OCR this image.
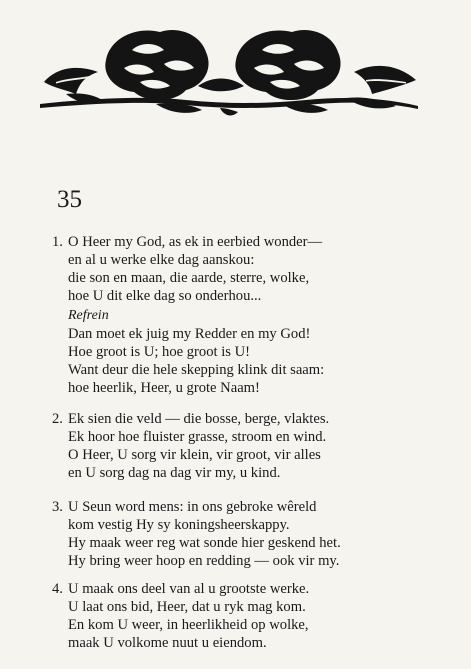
35
1. O Heer my God, as ek in eerbied wonder—
en al u werke elke dag aanskou:
die son en maan, die aarde, sterre, wolke,
hoe U dit elke dag so onderhou...
Refrein
Dan moet ek juig my Redder en my God!
Hoe groot is U; hoe groot is U!
Want deur die hele skepping klink dit saam:
hoe heerlik, Heer, u grote Naam!
2. Ek sien die veld — die bosse, berge, vlaktes.
Ek hoor hoe fluister grasse, stroom en wind.
O Heer, U sorg vir klein, vir groot, vir alles
en U sorg dag na dag vir my, u kind.
3. U Seun word mens: in ons gebroke wêreld
kom vestig Hy sy koningsheerskappy.
Hy maak weer reg wat sonde hier geskend het.
Hy bring weer hoop en redding — ook vir my.
4. U maak ons deel van al u grootste werke.
U laat ons bid, Heer, dat u ryk mag kom.
En kom U weer, in heerlikheid op wolke,
maak U volkome nuut u eiendom.
